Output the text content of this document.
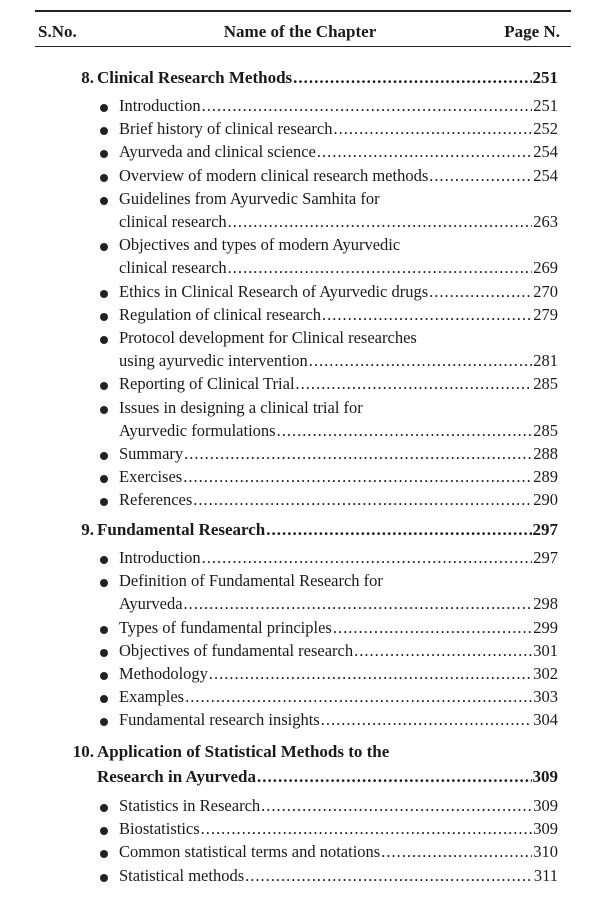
S.No.	Name of the Chapter	Page N.
8. Clinical Research Methods .....	251
Introduction .....	251
Brief history of clinical research .....	252
Ayurveda and clinical science .....	254
Overview of modern clinical research methods .....	254
Guidelines from Ayurvedic Samhita for
clinical research .....	263
Objectives and types of modern Ayurvedic
clinical research .....	269
Ethics in Clinical Research of Ayurvedic drugs .....	270
Regulation of clinical research .....	279
Protocol development for Clinical researches
using ayurvedic intervention .....	281
Reporting of Clinical Trial .....	285
Issues in designing a clinical trial for
Ayurvedic formulations .....	285
Summary .....	288
Exercises .....	289
References .....	290
9. Fundamental Research .....	297
Introduction .....	297
Definition of Fundamental Research for
Ayurveda .....	298
Types of fundamental principles .....	299
Objectives of fundamental research .....	301
Methodology .....	302
Examples .....	303
Fundamental research insights .....	304
10. Application of Statistical Methods to the
Research in Ayurveda .....	309
Statistics in Research .....	309
Biostatistics .....	309
Common statistical terms and notations .....	310
Statistical methods .....	311
